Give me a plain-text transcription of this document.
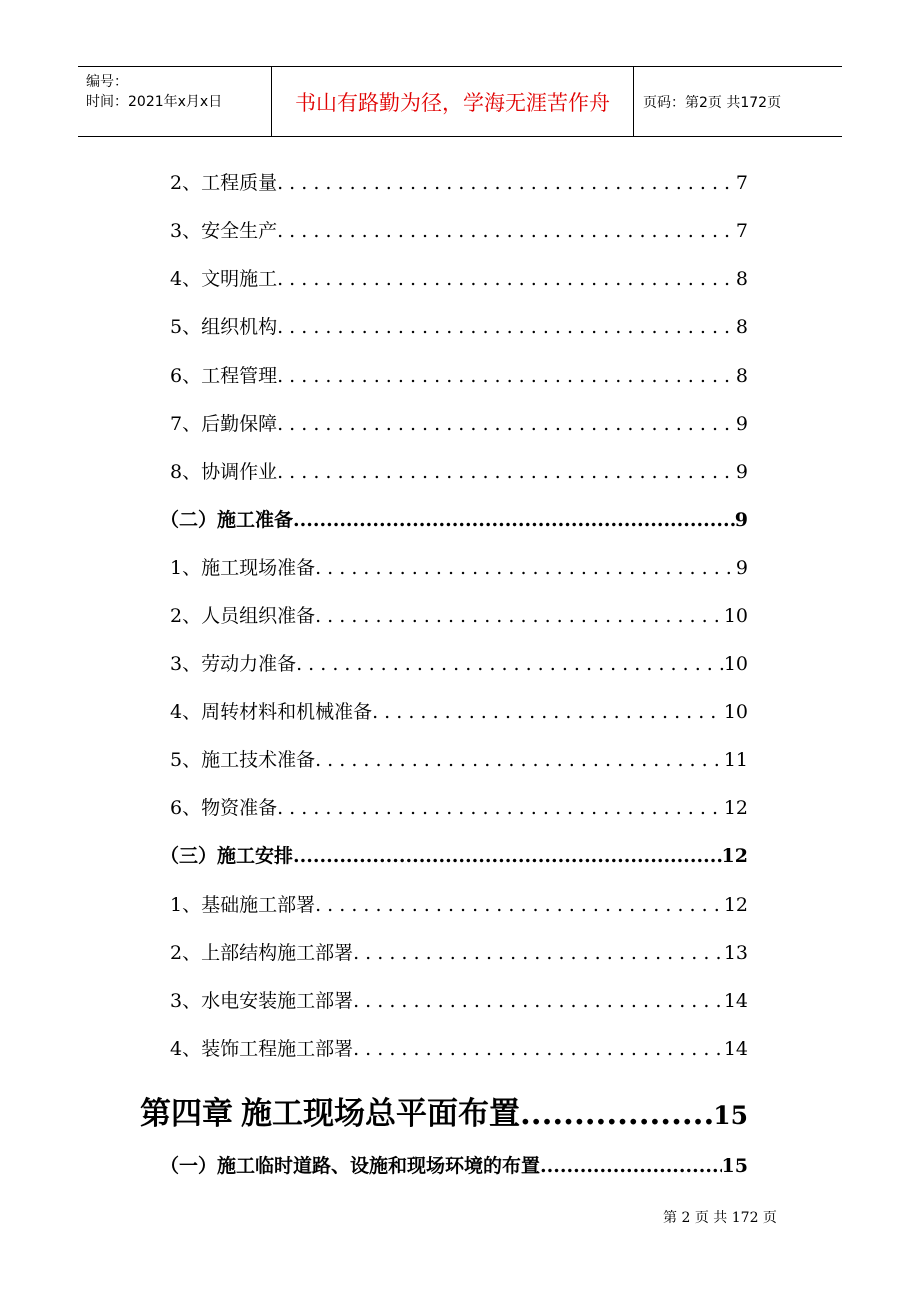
编号：
时间：2021年x月x日	书山有路勤为径，学海无涯苦作舟	页码：第2页 共172页
2、工程质量 . . .	7
3、安全生产 . . .	7
4、文明施工 . . .	8
5、组织机构 . . .	8
6、工程管理 . . .	8
7、后勤保障 . . .	9
8、协调作业 . . .	9
（二）施工准备 .....	9
1、施工现场准备 . . .	9
2、人员组织准备 . . .	10
3、劳动力准备 . . .	10
4、周转材料和机械准备 . . .	10
5、施工技术准备 . . .	11
6、物资准备 . . .	12
（三）施工安排 .....	12
1、基础施工部署 . . .	12
2、上部结构施工部署 . . .	13
3、水电安装施工部署 . . .	14
4、装饰工程施工部署 . . .	14
第四章 施工现场总平面布置 .....	15
（一）施工临时道路、设施和现场环境的布置 .....	15
第 2 页 共 172 页
